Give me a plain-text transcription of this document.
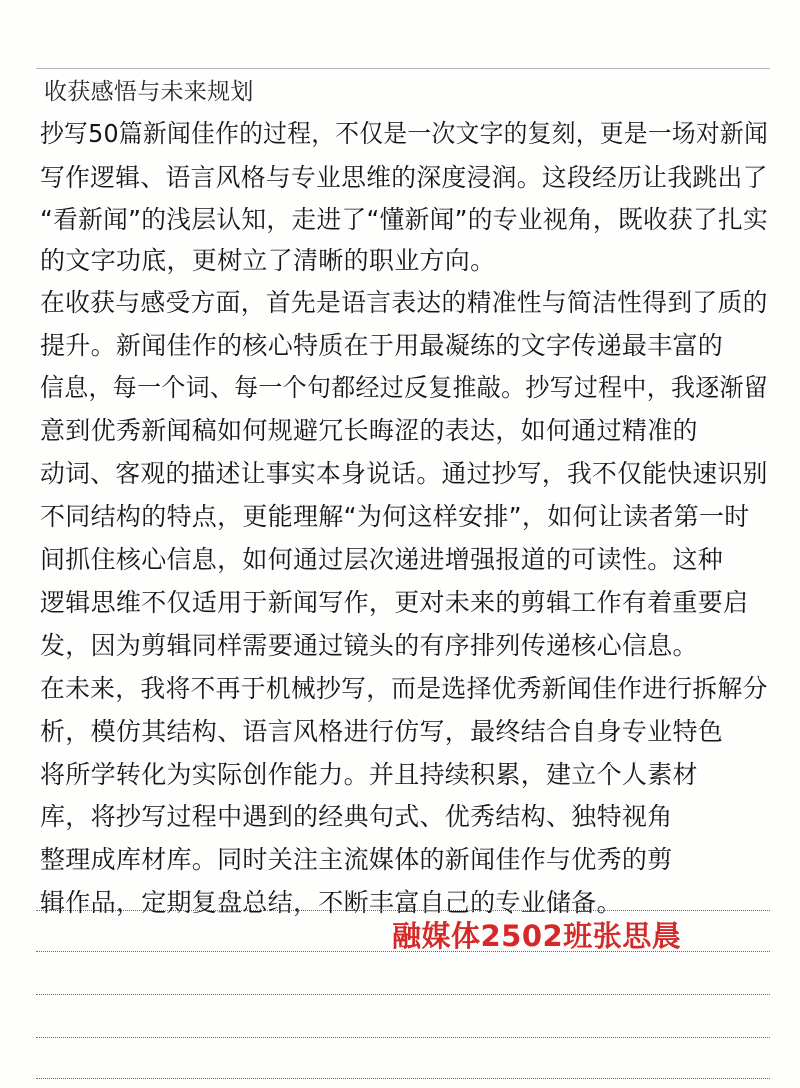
收获感悟与未来规划
抄写50篇新闻佳作的过程，不仅是一次文字的复刻，更是一场对新闻
写作逻辑、语言风格与专业思维的深度浸润。这段经历让我跳出了
“看新闻”的浅层认知，走进了“懂新闻”的专业视角，既收获了扎实
的文字功底，更树立了清晰的职业方向。
在收获与感受方面，首先是语言表达的精准性与简洁性得到了质的
提升。新闻佳作的核心特质在于用最凝练的文字传递最丰富的
信息，每一个词、每一个句都经过反复推敲。抄写过程中，我逐渐留
意到优秀新闻稿如何规避冗长晦涩的表达，如何通过精准的
动词、客观的描述让事实本身说话。通过抄写，我不仅能快速识别
不同结构的特点，更能理解“为何这样安排”，如何让读者第一时
间抓住核心信息，如何通过层次递进增强报道的可读性。这种
逻辑思维不仅适用于新闻写作，更对未来的剪辑工作有着重要启
发，因为剪辑同样需要通过镜头的有序排列传递核心信息。
在未来，我将不再于机械抄写，而是选择优秀新闻佳作进行拆解分
析，模仿其结构、语言风格进行仿写，最终结合自身专业特色
将所学转化为实际创作能力。并且持续积累，建立个人素材
库，将抄写过程中遇到的经典句式、优秀结构、独特视角
整理成库材库。同时关注主流媒体的新闻佳作与优秀的剪
辑作品，定期复盘总结，不断丰富自己的专业储备。
融媒体2502班张思晨
